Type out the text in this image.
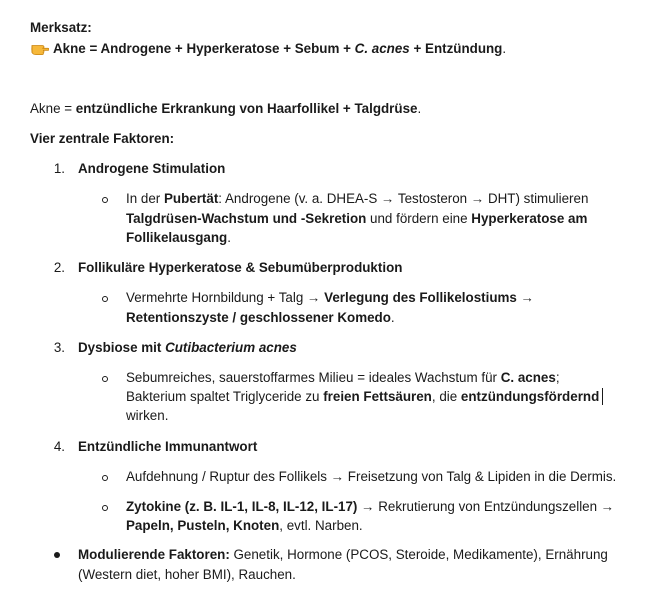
Merksatz:
Akne = Androgene + Hyperkeratose + Sebum + C. acnes + Entzündung.
Akne = entzündliche Erkrankung von Haarfollikel + Talgdrüse.
Vier zentrale Faktoren:
1. Androgene Stimulation
In der Pubertät: Androgene (v. a. DHEA-S → Testosteron → DHT) stimulieren
Talgdrüsen-Wachstum und -Sekretion und fördern eine Hyperkeratose am
Follikelausgang.
2. Follikuläre Hyperkeratose & Sebumüberproduktion
Vermehrte Hornbildung + Talg → Verlegung des Follikelostiums →
Retentionszyste / geschlossener Komedo.
3. Dysbiose mit Cutibacterium acnes
Sebumreiches, sauerstoffarmes Milieu = ideales Wachstum für C. acnes;
Bakterium spaltet Triglyceride zu freien Fettsäuren, die entzündungsfördernd
wirken.
4. Entzündliche Immunantwort
Aufdehnung / Ruptur des Follikels → Freisetzung von Talg & Lipiden in die Dermis.
Zytokine (z. B. IL-1, IL-8, IL-12, IL-17) → Rekrutierung von Entzündungszellen →
Papeln, Pusteln, Knoten, evtl. Narben.
Modulierende Faktoren: Genetik, Hormone (PCOS, Steroide, Medikamente), Ernährung
(Western diet, hoher BMI), Rauchen.
